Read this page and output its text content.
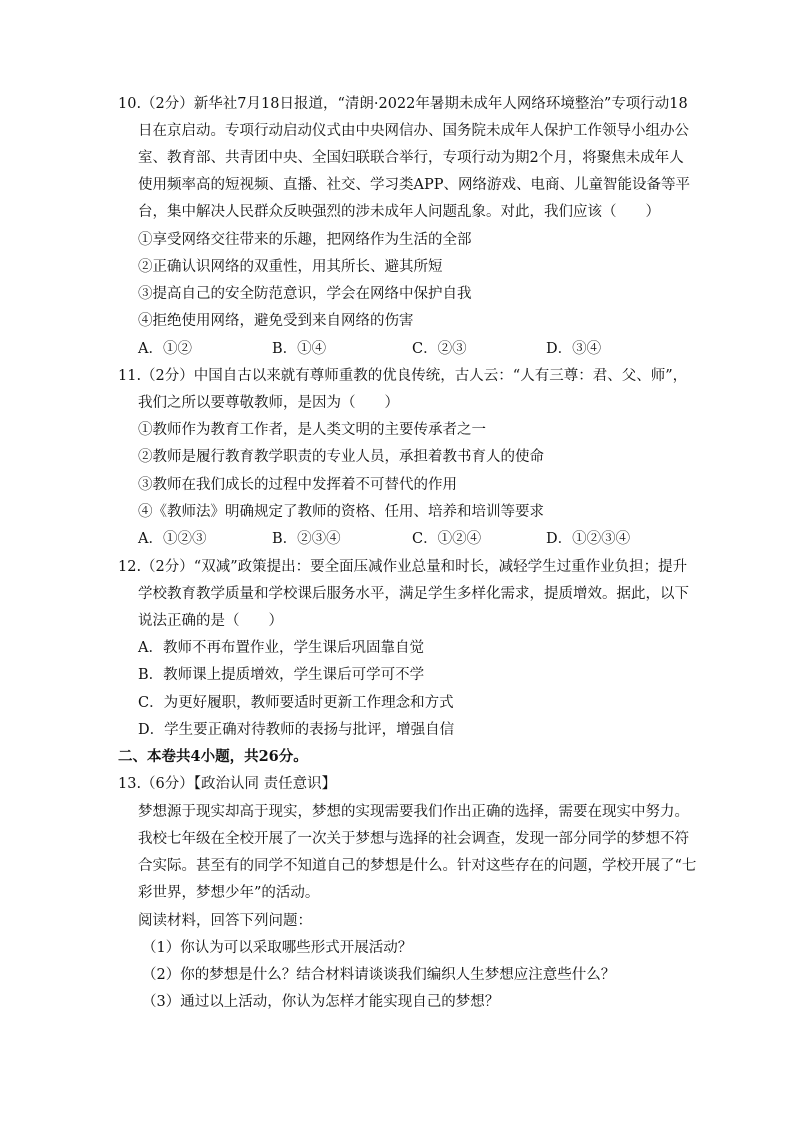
10.（2分）新华社7月18日报道，“清朗·2022年暑期未成年人网络环境整治”专项行动18
日在京启动。专项行动启动仪式由中央网信办、国务院未成年人保护工作领导小组办公
室、教育部、共青团中央、全国妇联联合举行，专项行动为期2个月，将聚焦未成年人
使用频率高的短视频、直播、社交、学习类APP、网络游戏、电商、儿童智能设备等平
台，集中解决人民群众反映强烈的涉未成年人问题乱象。对此，我们应该（　　）
①享受网络交往带来的乐趣，把网络作为生活的全部
②正确认识网络的双重性，用其所长、避其所短
③提高自己的安全防范意识，学会在网络中保护自我
④拒绝使用网络，避免受到来自网络的伤害
A．①②	B．①④	C．②③	D．③④
11.（2分）中国自古以来就有尊师重教的优良传统，古人云：“人有三尊：君、父、师”，
我们之所以要尊敬教师，是因为（　　）
①教师作为教育工作者，是人类文明的主要传承者之一
②教师是履行教育教学职责的专业人员，承担着教书育人的使命
③教师在我们成长的过程中发挥着不可替代的作用
④《教师法》明确规定了教师的资格、任用、培养和培训等要求
A．①②③	B．②③④	C．①②④	D．①②③④
12.（2分）“双减”政策提出：要全面压减作业总量和时长，减轻学生过重作业负担；提升
学校教育教学质量和学校课后服务水平，满足学生多样化需求，提质增效。据此，以下
说法正确的是（　　）
A．教师不再布置作业，学生课后巩固靠自觉
B．教师课上提质增效，学生课后可学可不学
C．为更好履职，教师要适时更新工作理念和方式
D．学生要正确对待教师的表扬与批评，增强自信
二、本卷共4小题，共26分。
13.（6分）【政治认同 责任意识】
梦想源于现实却高于现实，梦想的实现需要我们作出正确的选择，需要在现实中努力。
我校七年级在全校开展了一次关于梦想与选择的社会调查，发现一部分同学的梦想不符
合实际。甚至有的同学不知道自己的梦想是什么。针对这些存在的问题，学校开展了“七
彩世界，梦想少年”的活动。
阅读材料，回答下列问题：
（1）你认为可以采取哪些形式开展活动？
（2）你的梦想是什么？结合材料请谈谈我们编织人生梦想应注意些什么？
（3）通过以上活动，你认为怎样才能实现自己的梦想？
